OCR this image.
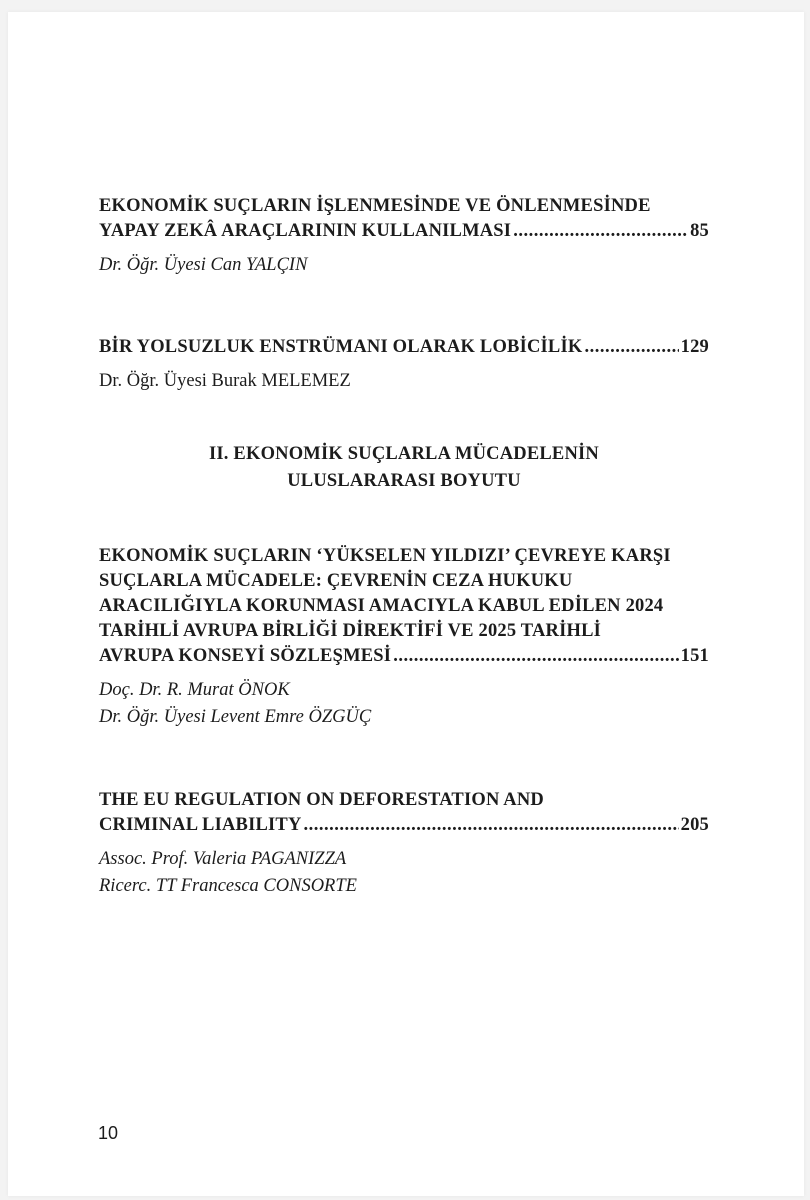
EKONOMİK SUÇLARIN İŞLENMESİNDE VE ÖNLENMESİNDE
YAPAY ZEKÂ ARAÇLARININ KULLANILMASI .....	85
Dr. Öğr. Üyesi Can YALÇIN
BİR YOLSUZLUK ENSTRÜMANI OLARAK LOBİCİLİK .....	129
Dr. Öğr. Üyesi Burak MELEMEZ
II. EKONOMİK SUÇLARLA MÜCADELENİN
ULUSLARARASI BOYUTU
EKONOMİK SUÇLARIN ‘YÜKSELEN YILDIZI’ ÇEVREYE KARŞI
SUÇLARLA MÜCADELE: ÇEVRENİN CEZA HUKUKU
ARACILIĞIYLA KORUNMASI AMACIYLA KABUL EDİLEN 2024
TARİHLİ AVRUPA BİRLİĞİ DİREKTİFİ VE 2025 TARİHLİ
AVRUPA KONSEYİ SÖZLEŞMESİ .....	151
Doç. Dr. R. Murat ÖNOK
Dr. Öğr. Üyesi Levent Emre ÖZGÜÇ
THE EU REGULATION ON DEFORESTATION AND
CRIMINAL LIABILITY .....	205
Assoc. Prof. Valeria PAGANIZZA
Ricerc. TT Francesca CONSORTE
10
